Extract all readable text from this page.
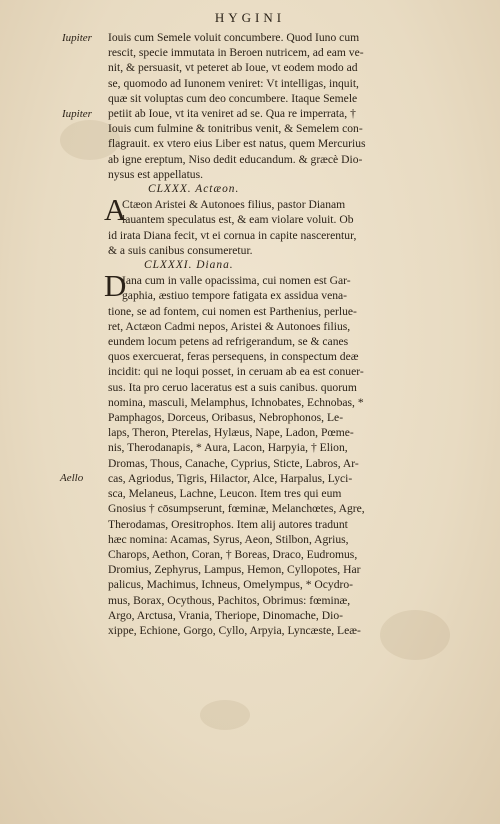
HYGINI
Iupiter
Iupiter
Aello
Iouis cum Semele voluit concumbere. Quod Iuno cum
rescit, specie immutata in Beroen nutricem, ad eam ve-
nit, & persuasit, vt peteret ab Ioue, vt eodem modo ad
se, quomodo ad Iunonem veniret: Vt intelligas, inquit,
quæ sit voluptas cum deo concumbere. Itaque Semele
petiit ab Ioue, vt ita veniret ad se. Qua re imperrata, †
Iouis cum fulmine & tonitribus venit, & Semelem con-
flagrauit. ex vtero eius Liber est natus, quem Mercurius
ab igne ereptum, Niso dedit educandum. & græcè Dio-
nysus est appellatus.
CLXXX. Actæon.
A
Ctæon Aristei & Autonoes filius, pastor Dianam
lauantem speculatus est, & eam violare voluit. Ob
id irata Diana fecit, vt ei cornua in capite nascerentur,
& a suis canibus consumeretur.
CLXXXI. Diana.
D
Iana cum in valle opacissima, cui nomen est Gar-
gaphia, æstiuo tempore fatigata ex assidua vena-
tione, se ad fontem, cui nomen est Parthenius, perlue-
ret, Actæon Cadmi nepos, Aristei & Autonoes filius,
eundem locum petens ad refrigerandum, se & canes
quos exercuerat, feras persequens, in conspectum deæ
incidit: qui ne loqui posset, in ceruam ab ea est conuer-
sus. Ita pro ceruo laceratus est a suis canibus. quorum
nomina, masculi, Melamphus, Ichnobates, Echnobas, *
Pamphagos, Dorceus, Oribasus, Nebrophonos, Le-
laps, Theron, Pterelas, Hylæus, Nape, Ladon, Pœme-
nis, Therodanapis, * Aura, Lacon, Harpyia, † Elion,
Dromas, Thous, Canache, Cyprius, Sticte, Labros, Ar-
cas, Agriodus, Tigris, Hilactor, Alce, Harpalus, Lyci-
sca, Melaneus, Lachne, Leucon. Item tres qui eum
Gnosius † cōsumpserunt, fœminæ, Melanchœtes, Agre,
Therodamas, Oresitrophos. Item alij autores tradunt
hæc nomina: Acamas, Syrus, Aeon, Stilbon, Agrius,
Charops, Aethon, Coran, † Boreas, Draco, Eudromus,
Dromius, Zephyrus, Lampus, Hemon, Cyllopotes, Har
palicus, Machimus, Ichneus, Omelympus, * Ocydro-
mus, Borax, Ocythous, Pachitos, Obrimus: fœminæ,
Argo, Arctusa, Vrania, Theriope, Dinomache, Dio-
xippe, Echione, Gorgo, Cyllo, Arpyia, Lyncæste, Leæ-
